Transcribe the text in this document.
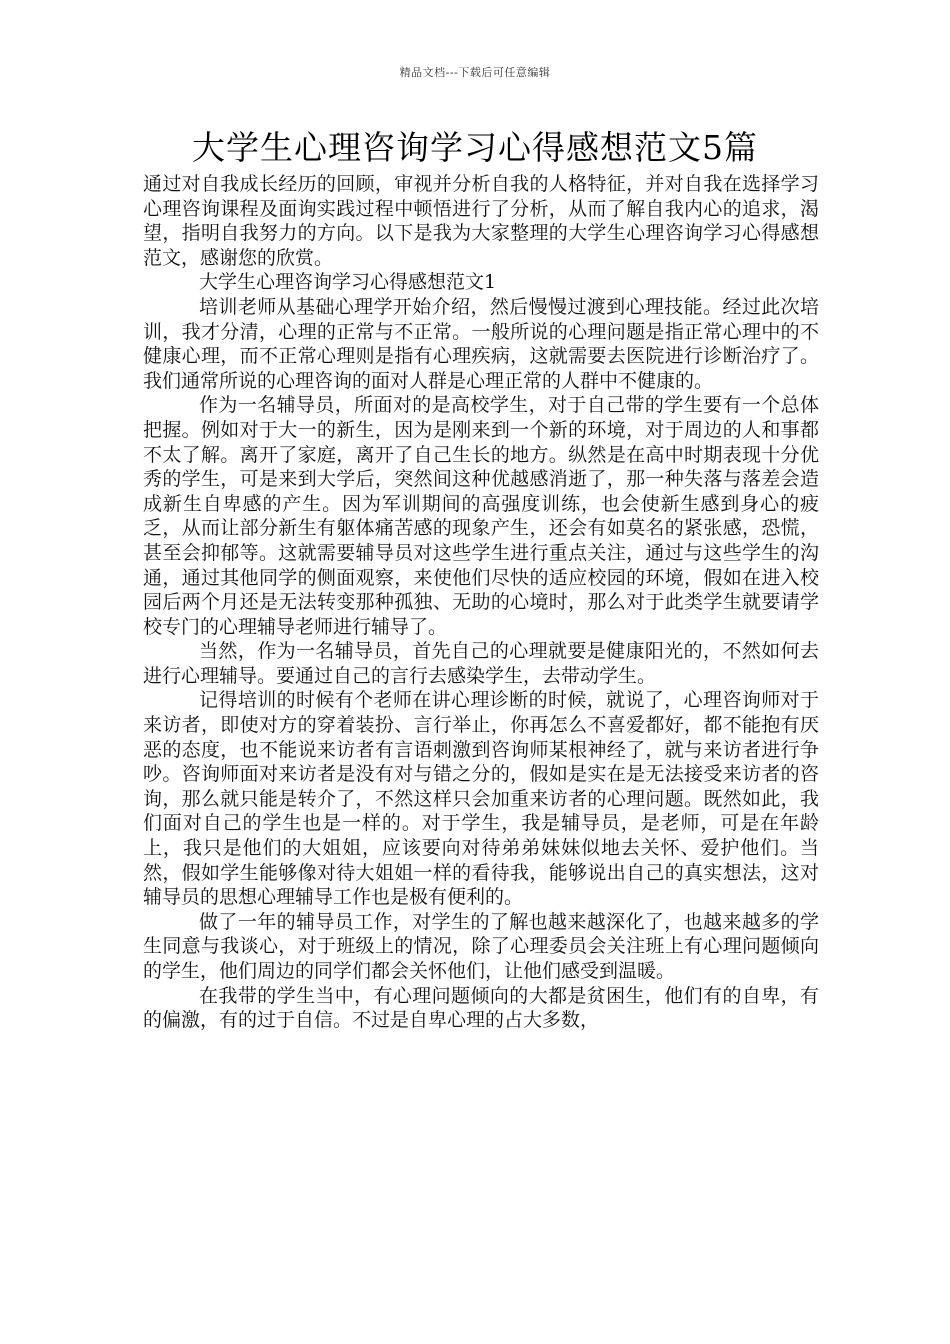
精品文档---下载后可任意编辑
大学生心理咨询学习心得感想范文5篇

通过对自我成长经历的回顾，审视并分析自我的人格特征，并对自我在选择学习心理咨询课程及面询实践过程中顿悟进行了分析，从而了解自我内心的追求，渴望，指明自我努力的方向。以下是我为大家整理的大学生心理咨询学习心得感想范文，感谢您的欣赏。

大学生心理咨询学习心得感想范文1

培训老师从基础心理学开始介绍，然后慢慢过渡到心理技能。经过此次培训，我才分清，心理的正常与不正常。一般所说的心理问题是指正常心理中的不健康心理，而不正常心理则是指有心理疾病，这就需要去医院进行诊断治疗了。我们通常所说的心理咨询的面对人群是心理正常的人群中不健康的。

作为一名辅导员，所面对的是高校学生，对于自己带的学生要有一个总体把握。例如对于大一的新生，因为是刚来到一个新的环境，对于周边的人和事都不太了解。离开了家庭，离开了自己生长的地方。纵然是在高中时期表现十分优秀的学生，可是来到大学后，突然间这种优越感消逝了，那一种失落与落差会造成新生自卑感的产生。因为军训期间的高强度训练，也会使新生感到身心的疲乏，从而让部分新生有躯体痛苦感的现象产生，还会有如莫名的紧张感，恐慌，甚至会抑郁等。这就需要辅导员对这些学生进行重点关注，通过与这些学生的沟通，通过其他同学的侧面观察，来使他们尽快的适应校园的环境，假如在进入校园后两个月还是无法转变那种孤独、无助的心境时，那么对于此类学生就要请学校专门的心理辅导老师进行辅导了。

当然，作为一名辅导员，首先自己的心理就要是健康阳光的，不然如何去进行心理辅导。要通过自己的言行去感染学生，去带动学生。

记得培训的时候有个老师在讲心理诊断的时候，就说了，心理咨询师对于来访者，即使对方的穿着装扮、言行举止，你再怎么不喜爱都好，都不能抱有厌恶的态度，也不能说来访者有言语刺激到咨询师某根神经了，就与来访者进行争吵。咨询师面对来访者是没有对与错之分的，假如是实在是无法接受来访者的咨询，那么就只能是转介了，不然这样只会加重来访者的心理问题。既然如此，我们面对自己的学生也是一样的。对于学生，我是辅导员，是老师，可是在年龄上，我只是他们的大姐姐，应该要向对待弟弟妹妹似地去关怀、爱护他们。当然，假如学生能够像对待大姐姐一样的看待我，能够说出自己的真实想法，这对辅导员的思想心理辅导工作也是极有便利的。

做了一年的辅导员工作，对学生的了解也越来越深化了，也越来越多的学生同意与我谈心，对于班级上的情况，除了心理委员会关注班上有心理问题倾向的学生，他们周边的同学们都会关怀他们，让他们感受到温暖。

在我带的学生当中，有心理问题倾向的大都是贫困生，他们有的自卑，有的偏激，有的过于自信。不过是自卑心理的占大多数，
